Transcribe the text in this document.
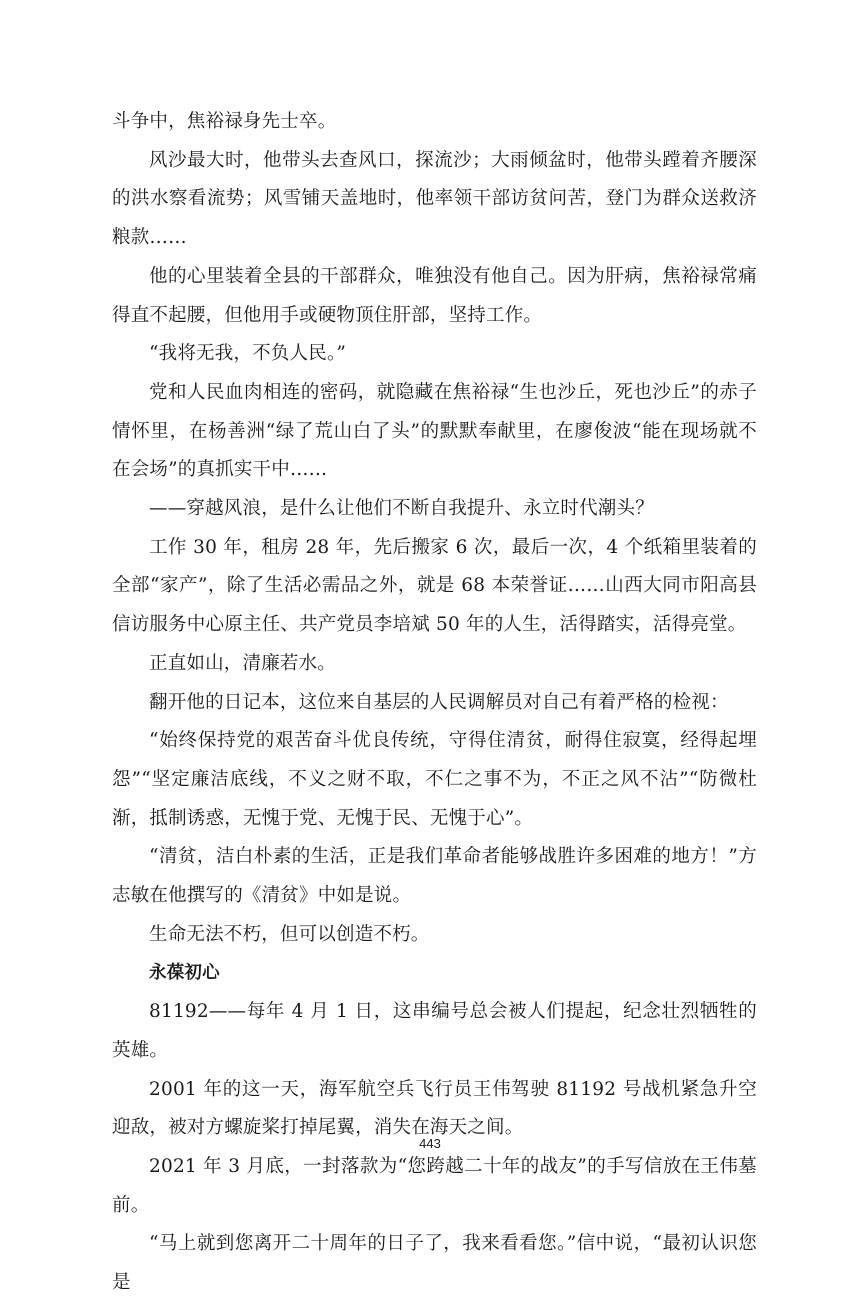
斗争中，焦裕禄身先士卒。

风沙最大时，他带头去查风口，探流沙；大雨倾盆时，他带头蹚着齐腰深的洪水察看流势；风雪铺天盖地时，他率领干部访贫问苦，登门为群众送救济粮款……

他的心里装着全县的干部群众，唯独没有他自己。因为肝病，焦裕禄常痛得直不起腰，但他用手或硬物顶住肝部，坚持工作。

“我将无我，不负人民。”

党和人民血肉相连的密码，就隐藏在焦裕禄“生也沙丘，死也沙丘”的赤子情怀里，在杨善洲“绿了荒山白了头”的默默奉献里，在廖俊波“能在现场就不在会场”的真抓实干中……

——穿越风浪，是什么让他们不断自我提升、永立时代潮头？

工作 30 年，租房 28 年，先后搬家 6 次，最后一次，4 个纸箱里装着的全部“家产”，除了生活必需品之外，就是 68 本荣誉证……山西大同市阳高县信访服务中心原主任、共产党员李培斌 50 年的人生，活得踏实，活得亮堂。

正直如山，清廉若水。

翻开他的日记本，这位来自基层的人民调解员对自己有着严格的检视：

“始终保持党的艰苦奋斗优良传统，守得住清贫，耐得住寂寞，经得起埋怨”“坚定廉洁底线，不义之财不取，不仁之事不为，不正之风不沾”“防微杜渐，抵制诱惑，无愧于党、无愧于民、无愧于心”。

“清贫，洁白朴素的生活，正是我们革命者能够战胜许多困难的地方！”方志敏在他撰写的《清贫》中如是说。

生命无法不朽，但可以创造不朽。

永葆初心

81192——每年 4 月 1 日，这串编号总会被人们提起，纪念壮烈牺牲的英雄。

2001 年的这一天，海军航空兵飞行员王伟驾驶 81192 号战机紧急升空迎敌，被对方螺旋桨打掉尾翼，消失在海天之间。

2021 年 3 月底，一封落款为“您跨越二十年的战友”的手写信放在王伟墓前。

“马上就到您离开二十周年的日子了，我来看看您。”信中说，“最初认识您是

443
